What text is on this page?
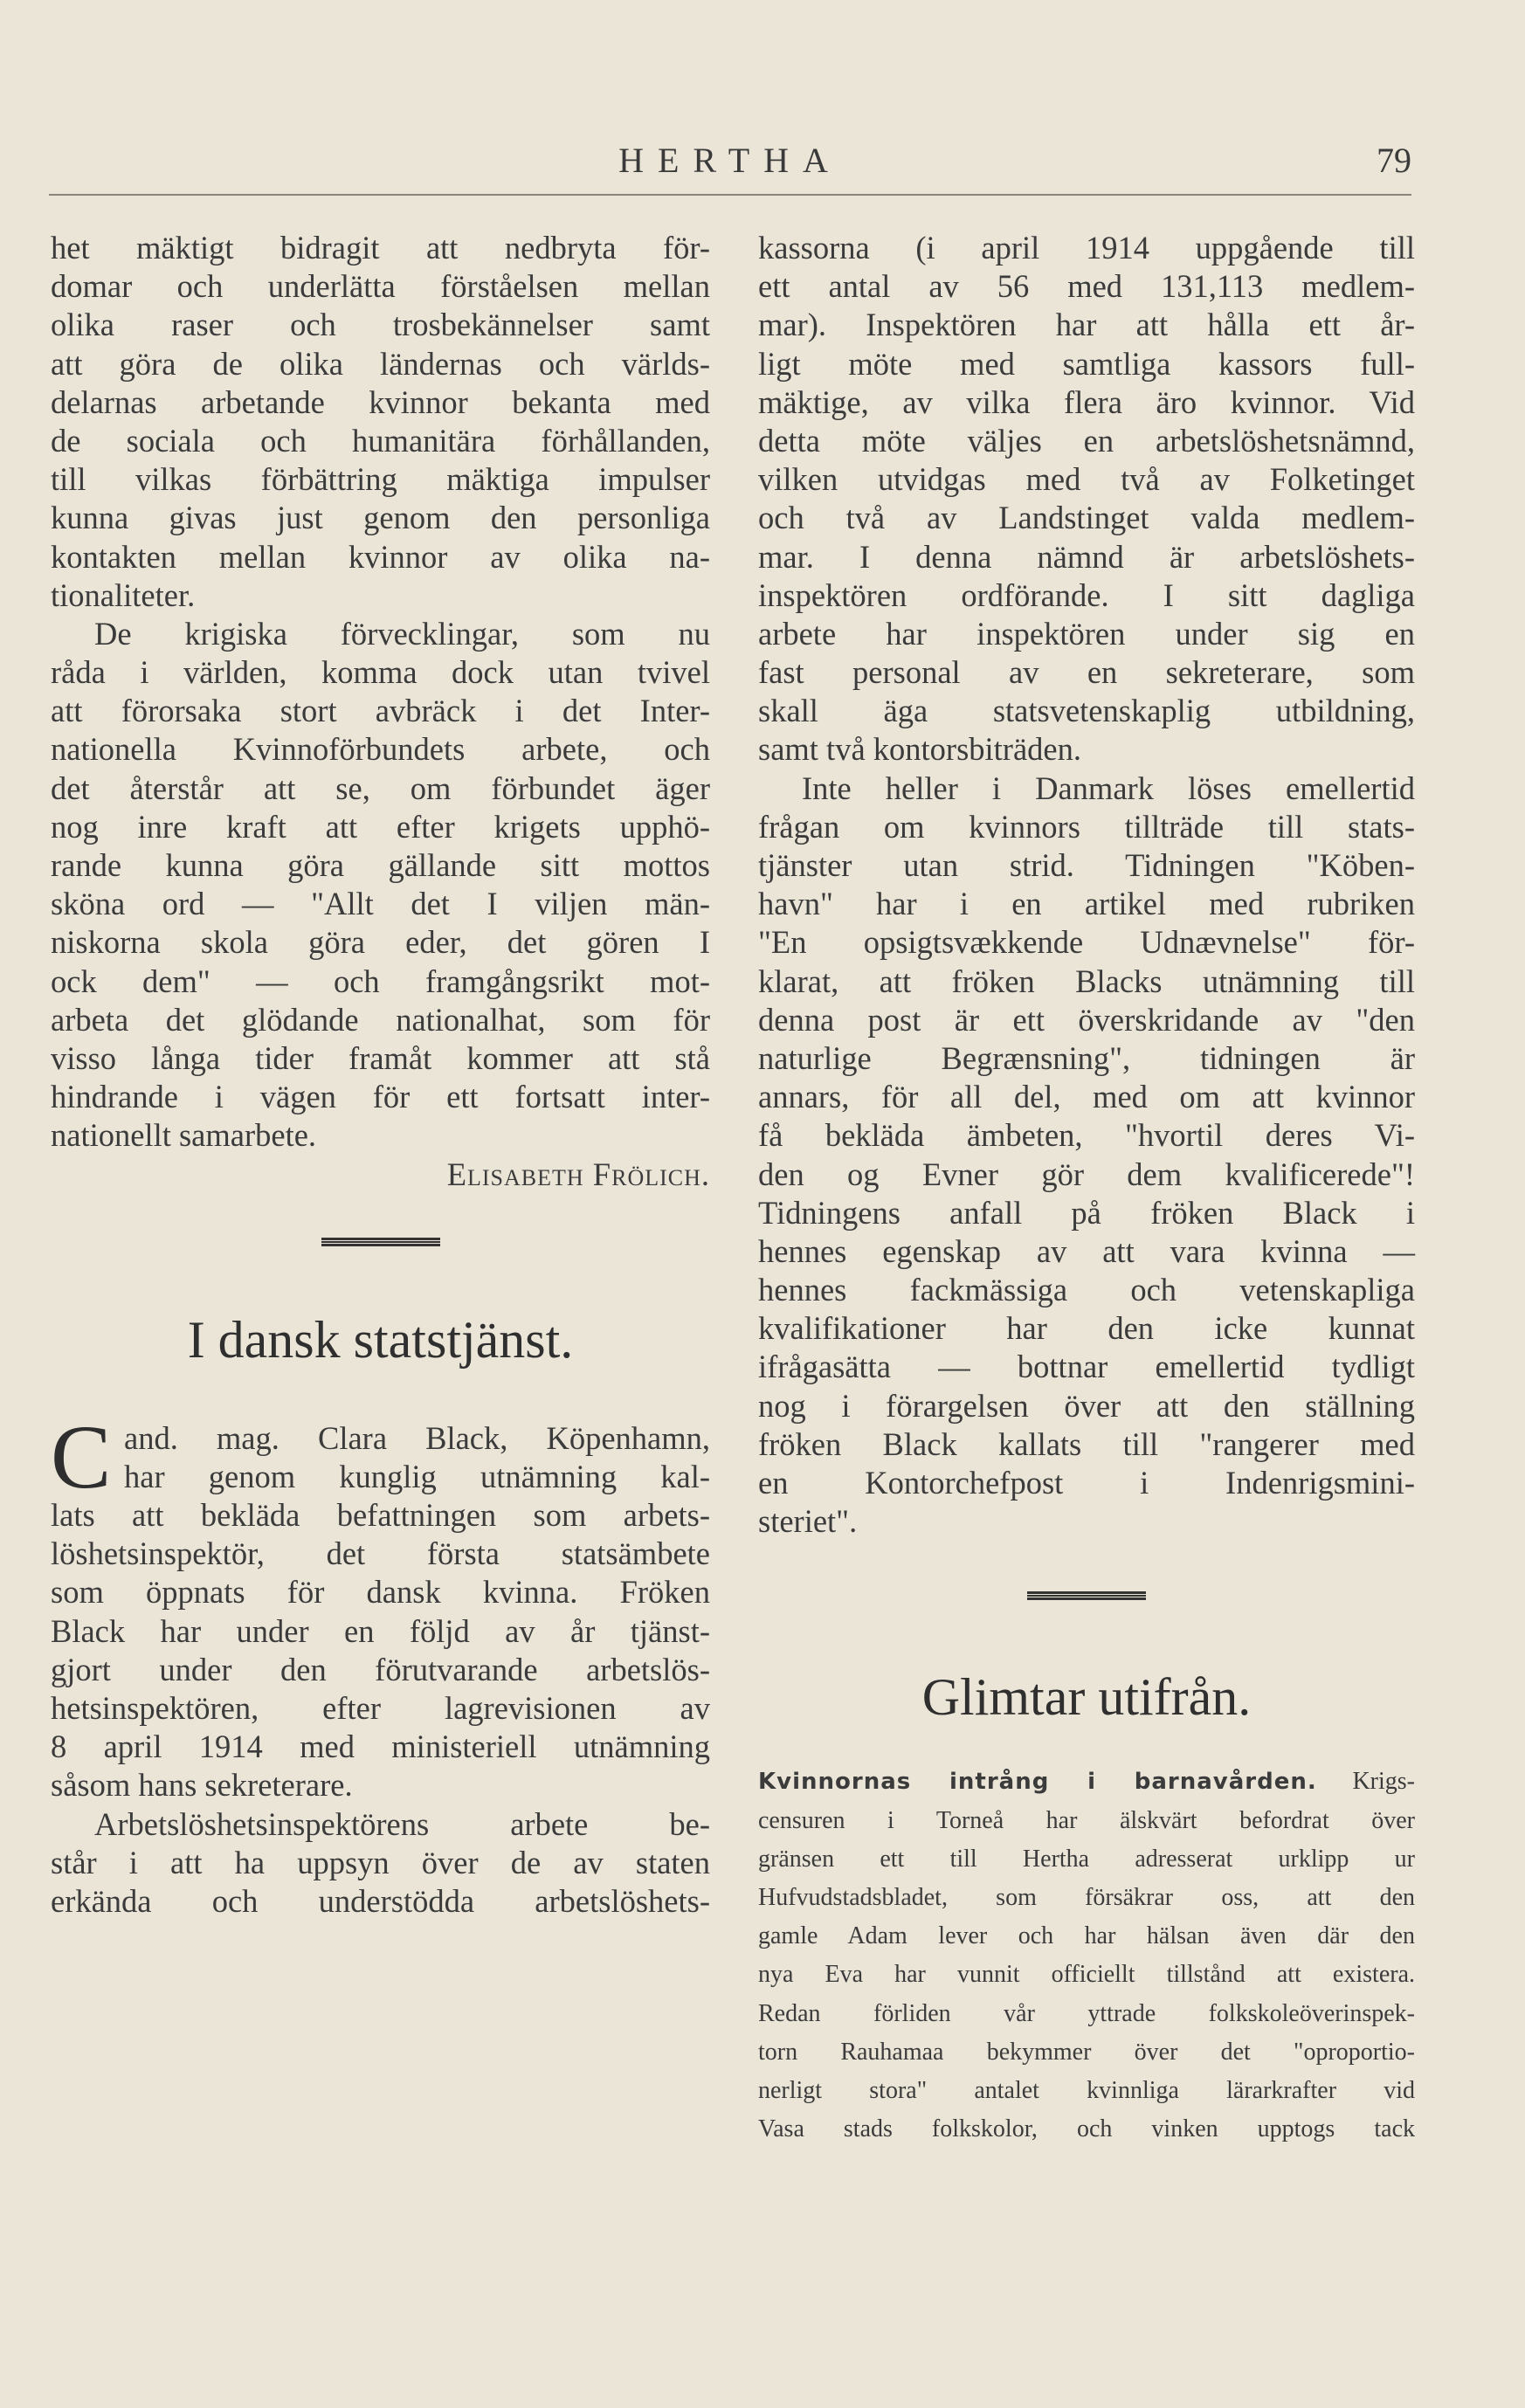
HERTHA	79
het mäktigt bidragit att nedbryta för-
domar och underlätta förståelsen mellan
olika raser och trosbekännelser samt
att göra de olika ländernas och världs-
delarnas arbetande kvinnor bekanta med
de sociala och humanitära förhållanden,
till vilkas förbättring mäktiga impulser
kunna givas just genom den personliga
kontakten mellan kvinnor av olika na-
tionaliteter.
De krigiska förvecklingar, som nu
råda i världen, komma dock utan tvivel
att förorsaka stort avbräck i det Inter-
nationella Kvinnoförbundets arbete, och
det återstår att se, om förbundet äger
nog inre kraft att efter krigets upphö-
rande kunna göra gällande sitt mottos
sköna ord — "Allt det I viljen män-
niskorna skola göra eder, det gören I
ock dem" — och framgångsrikt mot-
arbeta det glödande nationalhat, som för
visso långa tider framåt kommer att stå
hindrande i vägen för ett fortsatt inter-
nationellt samarbete.
Elisabeth Frölich.
I dansk statstjänst.
C and. mag. Clara Black, Köpenhamn,
har genom kunglig utnämning kal-
lats att bekläda befattningen som arbets-
löshetsinspektör, det första statsämbete
som öppnats för dansk kvinna. Fröken
Black har under en följd av år tjänst-
gjort under den förutvarande arbetslös-
hetsinspektören, efter lagrevisionen av
8 april 1914 med ministeriell utnämning
såsom hans sekreterare.
Arbetslöshetsinspektörens arbete be-
står i att ha uppsyn över de av staten
erkända och understödda arbetslöshets-
kassorna (i april 1914 uppgående till
ett antal av 56 med 131,113 medlem-
mar). Inspektören har att hålla ett år-
ligt möte med samtliga kassors full-
mäktige, av vilka flera äro kvinnor. Vid
detta möte väljes en arbetslöshetsnämnd,
vilken utvidgas med två av Folketinget
och två av Landstinget valda medlem-
mar. I denna nämnd är arbetslöshets-
inspektören ordförande. I sitt dagliga
arbete har inspektören under sig en
fast personal av en sekreterare, som
skall äga statsvetenskaplig utbildning,
samt två kontorsbiträden.
Inte heller i Danmark löses emellertid
frågan om kvinnors tillträde till stats-
tjänster utan strid. Tidningen "Köben-
havn" har i en artikel med rubriken
"En opsigtsvækkende Udnævnelse" för-
klarat, att fröken Blacks utnämning till
denna post är ett överskridande av "den
naturlige Begrænsning", tidningen är
annars, för all del, med om att kvinnor
få bekläda ämbeten, "hvortil deres Vi-
den og Evner gör dem kvalificerede"!
Tidningens anfall på fröken Black i
hennes egenskap av att vara kvinna —
hennes fackmässiga och vetenskapliga
kvalifikationer har den icke kunnat
ifrågasätta — bottnar emellertid tydligt
nog i förargelsen över att den ställning
fröken Black kallats till "rangerer med
en Kontorchefpost i Indenrigsmini-
steriet".
Glimtar utifrån.
Kvinnornas intrång i barnavården. Krigs-
censuren i Torneå har älskvärt befordrat över
gränsen ett till Hertha adresserat urklipp ur
Hufvudstadsbladet, som försäkrar oss, att den
gamle Adam lever och har hälsan även där den
nya Eva har vunnit officiellt tillstånd att existera.
Redan förliden vår yttrade folkskoleöverinspek-
torn Rauhamaa bekymmer över det "oproportio-
nerligt stora" antalet kvinnliga lärarkrafter vid
Vasa stads folkskolor, och vinken upptogs tack
